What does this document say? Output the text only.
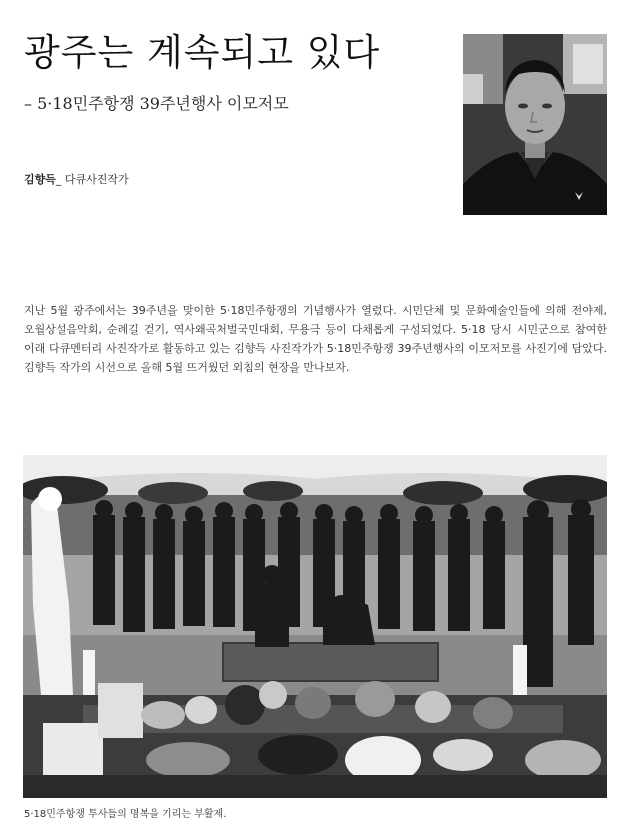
광주는 계속되고 있다
– 5·18민주항쟁 39주년행사 이모저모
김향득_ 다큐사진작가
지난 5월 광주에서는 39주년을 맞이한 5·18민주항쟁의 기념행사가 열렸다. 시민단체 및 문화예술인들에 의해 전야제, 오월상설음악회, 순례길 걷기, 역사왜곡처벌국민대회, 무용극 등이 다채롭게 구성되었다. 5·18 당시 시민군으로 참여한 이래 다큐멘터리 사진작가로 활동하고 있는 김향득 사진작가가 5·18민주항쟁 39주년행사의 이모저모를 사진기에 담았다. 김향득 작가의 시선으로 올해 5월 뜨거웠던 외침의 현장을 만나보자.
5·18민주항쟁 투사들의 명복을 기리는 부활제.
